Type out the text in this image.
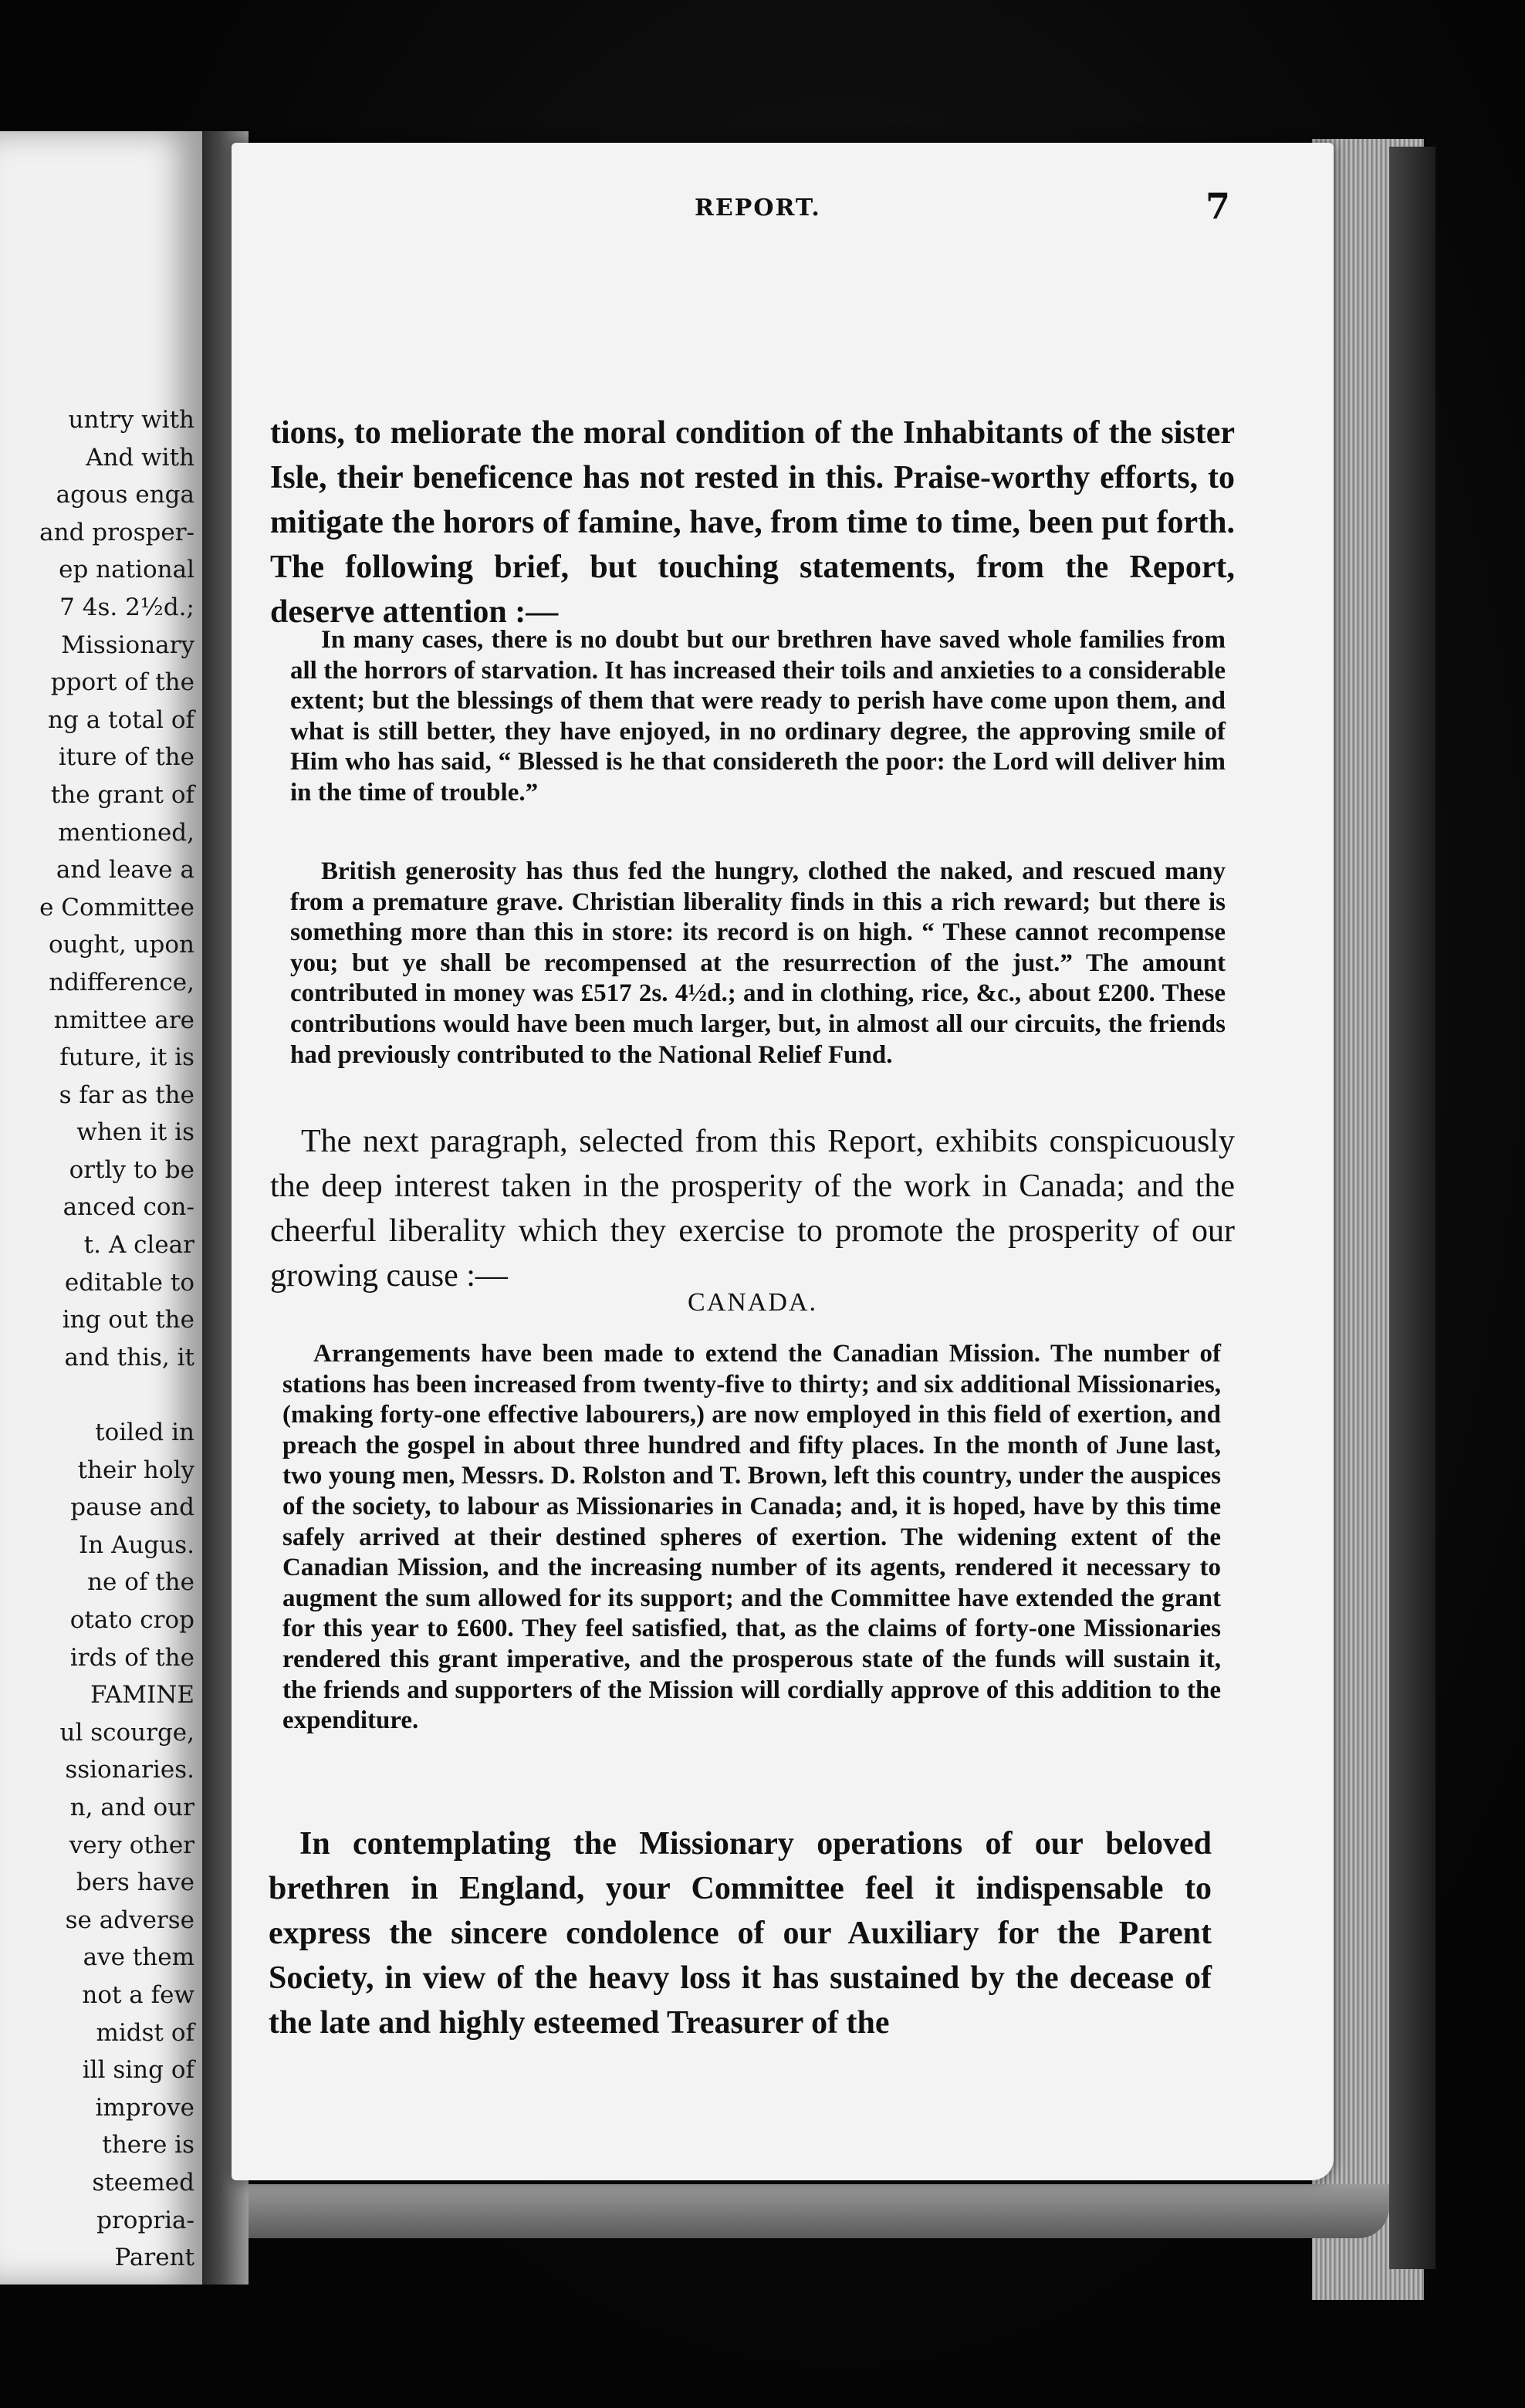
untry with
And with
agous enga
and prosper-
ep national
7 4s. 2½d.;
Missionary
pport of the
ng a total of
iture of the
the grant of
mentioned,
and leave a
e Committee
ought, upon
ndifference,
nmittee are
future, it is
s far as the
when it is
ortly to be
anced con-
t. A clear
editable to
ing out the
and this, it
toiled in
their holy
pause and
In Augus.
ne of the
otato crop
irds of the
FAMINE
ul scourge,
ssionaries.
n, and our
very other
bers have
se adverse
ave them
not a few
midst of
ill sing of
improve
there is
steemed
propria-
Parent
REPORT.	7

tions, to meliorate the moral condition of the Inhabitants of the sister Isle, their beneficence has not rested in this. Praise-worthy efforts, to mitigate the horors of famine, have, from time to time, been put forth. The following brief, but touching statements, from the Report, deserve attention :—

In many cases, there is no doubt but our brethren have saved whole families from all the horrors of starvation. It has increased their toils and anxieties to a considerable extent; but the blessings of them that were ready to perish have come upon them, and what is still better, they have enjoyed, in no ordinary degree, the approving smile of Him who has said, “ Blessed is he that considereth the poor: the Lord will deliver him in the time of trouble.”

British generosity has thus fed the hungry, clothed the naked, and rescued many from a premature grave. Christian liberality finds in this a rich reward; but there is something more than this in store: its record is on high. “ These cannot recompense you; but ye shall be recompensed at the resurrection of the just.” The amount contributed in money was £517 2s. 4½d.; and in clothing, rice, &c., about £200. These contributions would have been much larger, but, in almost all our circuits, the friends had previously contributed to the National Relief Fund.

The next paragraph, selected from this Report, exhibits conspicuously the deep interest taken in the prosperity of the work in Canada; and the cheerful liberality which they exercise to promote the prosperity of our growing cause :—

CANADA.

Arrangements have been made to extend the Canadian Mission. The number of stations has been increased from twenty-five to thirty; and six additional Missionaries, (making forty-one effective labourers,) are now employed in this field of exertion, and preach the gospel in about three hundred and fifty places. In the month of June last, two young men, Messrs. D. Rolston and T. Brown, left this country, under the auspices of the society, to labour as Missionaries in Canada; and, it is hoped, have by this time safely arrived at their destined spheres of exertion. The widening extent of the Canadian Mission, and the increasing number of its agents, rendered it necessary to augment the sum allowed for its support; and the Committee have extended the grant for this year to £600. They feel satisfied, that, as the claims of forty-one Missionaries rendered this grant imperative, and the prosperous state of the funds will sustain it, the friends and supporters of the Mission will cordially approve of this addition to the expenditure.

In contemplating the Missionary operations of our beloved brethren in England, your Committee feel it indispensable to express the sincere condolence of our Auxiliary for the Parent Society, in view of the heavy loss it has sustained by the decease of the late and highly esteemed Treasurer of the
